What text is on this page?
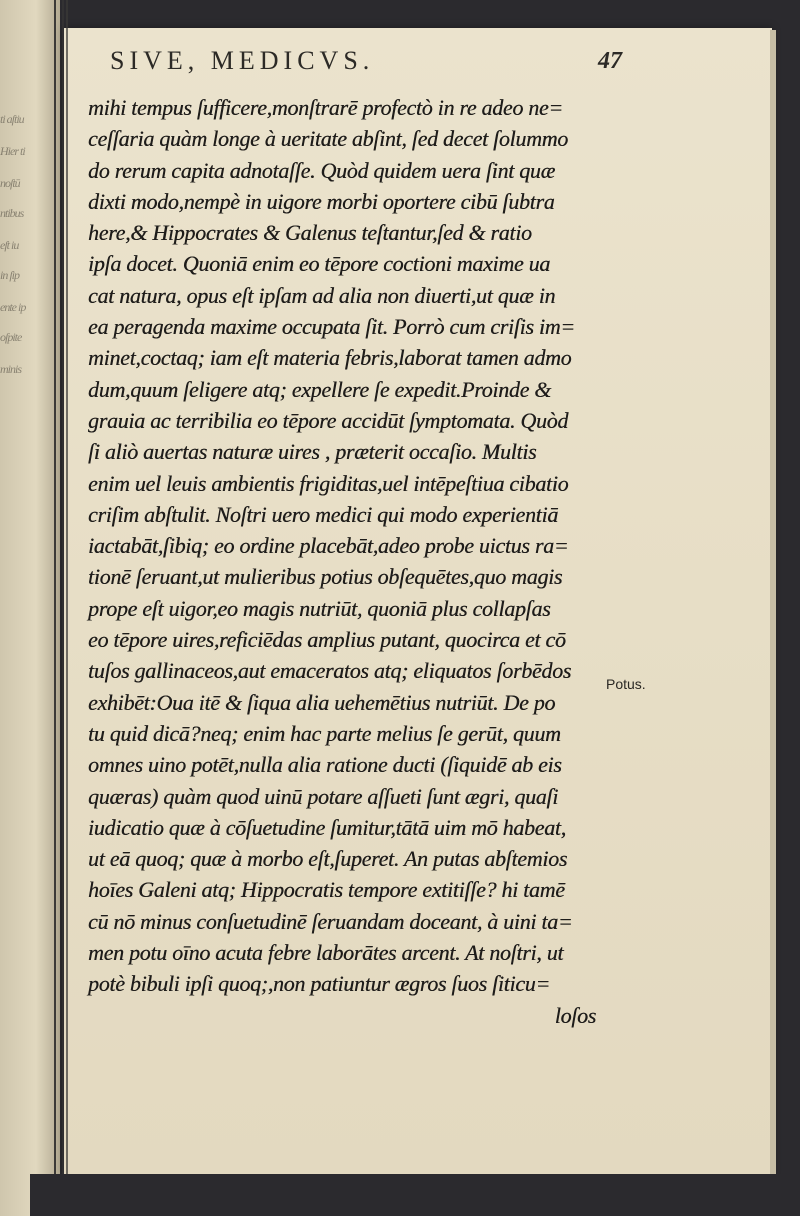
ti aſtiu
Hier ti
noſtū
ntibus
eſt iu
in ſip
ente ip
oſpite
minis
SIVE, MEDICVS.	47
mihi tempus ſufficere,monſtrarē profectò in re adeo ne=
ceſſaria quàm longe à ueritate abſint, ſed decet ſolummo
do rerum capita adnotaſſe. Quòd quidem uera ſint quæ
dixti modo,nempè in uigore morbi oportere cibū ſubtra
here,& Hippocrates & Galenus teſtantur,ſed & ratio
ipſa docet. Quoniā enim eo tēpore coctioni maxime ua
cat natura, opus eſt ipſam ad alia non diuerti,ut quæ in
ea peragenda maxime occupata ſit. Porrò cum criſis im=
minet,coctaq; iam eſt materia febris,laborat tamen admo
dum,quum ſeligere atq; expellere ſe expedit.Proinde &
grauia ac terribilia eo tēpore accidūt ſymptomata. Quòd
ſi aliò auertas naturæ uires , præterit occaſio. Multis
enim uel leuis ambientis frigiditas,uel intēpeſtiua cibatio
criſim abſtulit. Noſtri uero medici qui modo experientiā
iactabāt,ſibiq; eo ordine placebāt,adeo probe uictus ra=
tionē ſeruant,ut mulieribus potius obſequētes,quo magis
prope eſt uigor,eo magis nutriūt, quoniā plus collapſas
eo tēpore uires,reficiēdas amplius putant, quocirca et cō
tuſos gallinaceos,aut emaceratos atq; eliquatos ſorbēdos
exhibēt:Oua itē & ſiqua alia uehemētius nutriūt. De po
tu quid dicā?neq; enim hac parte melius ſe gerūt, quum
omnes uino potēt,nulla alia ratione ducti (ſiquidē ab eis
quæras) quàm quod uinū potare aſſueti ſunt ægri, quaſi
iudicatio quæ à cōſuetudine ſumitur,tātā uim mō habeat,
ut eā quoq; quæ à morbo eſt,ſuperet. An putas abſtemios
hoīes Galeni atq; Hippocratis tempore extitiſſe? hi tamē
cū nō minus conſuetudinē ſeruandam doceant, à uini ta=
men potu oīno acuta febre laborātes arcent. At noſtri, ut
potè bibuli ipſi quoq;,non patiuntur ægros ſuos ſiticu=
loſos
Potus.
